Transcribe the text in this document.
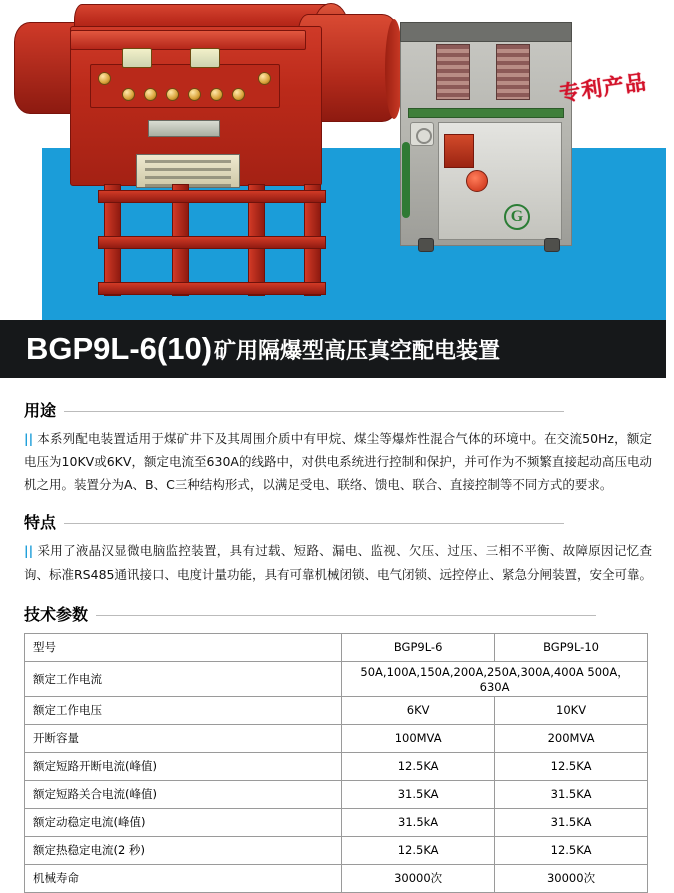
G
专利产品
BGP9L-6(10) 矿用隔爆型高压真空配电装置
用途
|| 本系列配电装置适用于煤矿井下及其周围介质中有甲烷、煤尘等爆炸性混合气体的环境中。在交流50Hz，额定电压为10KV或6KV，额定电流至630A的线路中，对供电系统进行控制和保护，并可作为不频繁直接起动高压电动机之用。装置分为A、B、C三种结构形式，以满足受电、联络、馈电、联合、直接控制等不同方式的要求。
特点
|| 采用了液晶汉显微电脑监控装置，具有过载、短路、漏电、监视、欠压、过压、三相不平衡、故障原因记忆查询、标准RS485通讯接口、电度计量功能，具有可靠机械闭锁、电气闭锁、远控停止、紧急分闸装置，安全可靠。
技术参数
型号	BGP9L-6	BGP9L-10
额定工作电流	50A,100A,150A,200A,250A,300A,400A 500A，630A	
额定工作电压	6KV	10KV
开断容量	100MVA	200MVA
额定短路开断电流(峰值)	12.5KA	12.5KA
额定短路关合电流(峰值)	31.5KA	31.5KA
额定动稳定电流(峰值)	31.5kA	31.5KA
额定热稳定电流(2 秒)	12.5KA	12.5KA
机械寿命	30000次	30000次
